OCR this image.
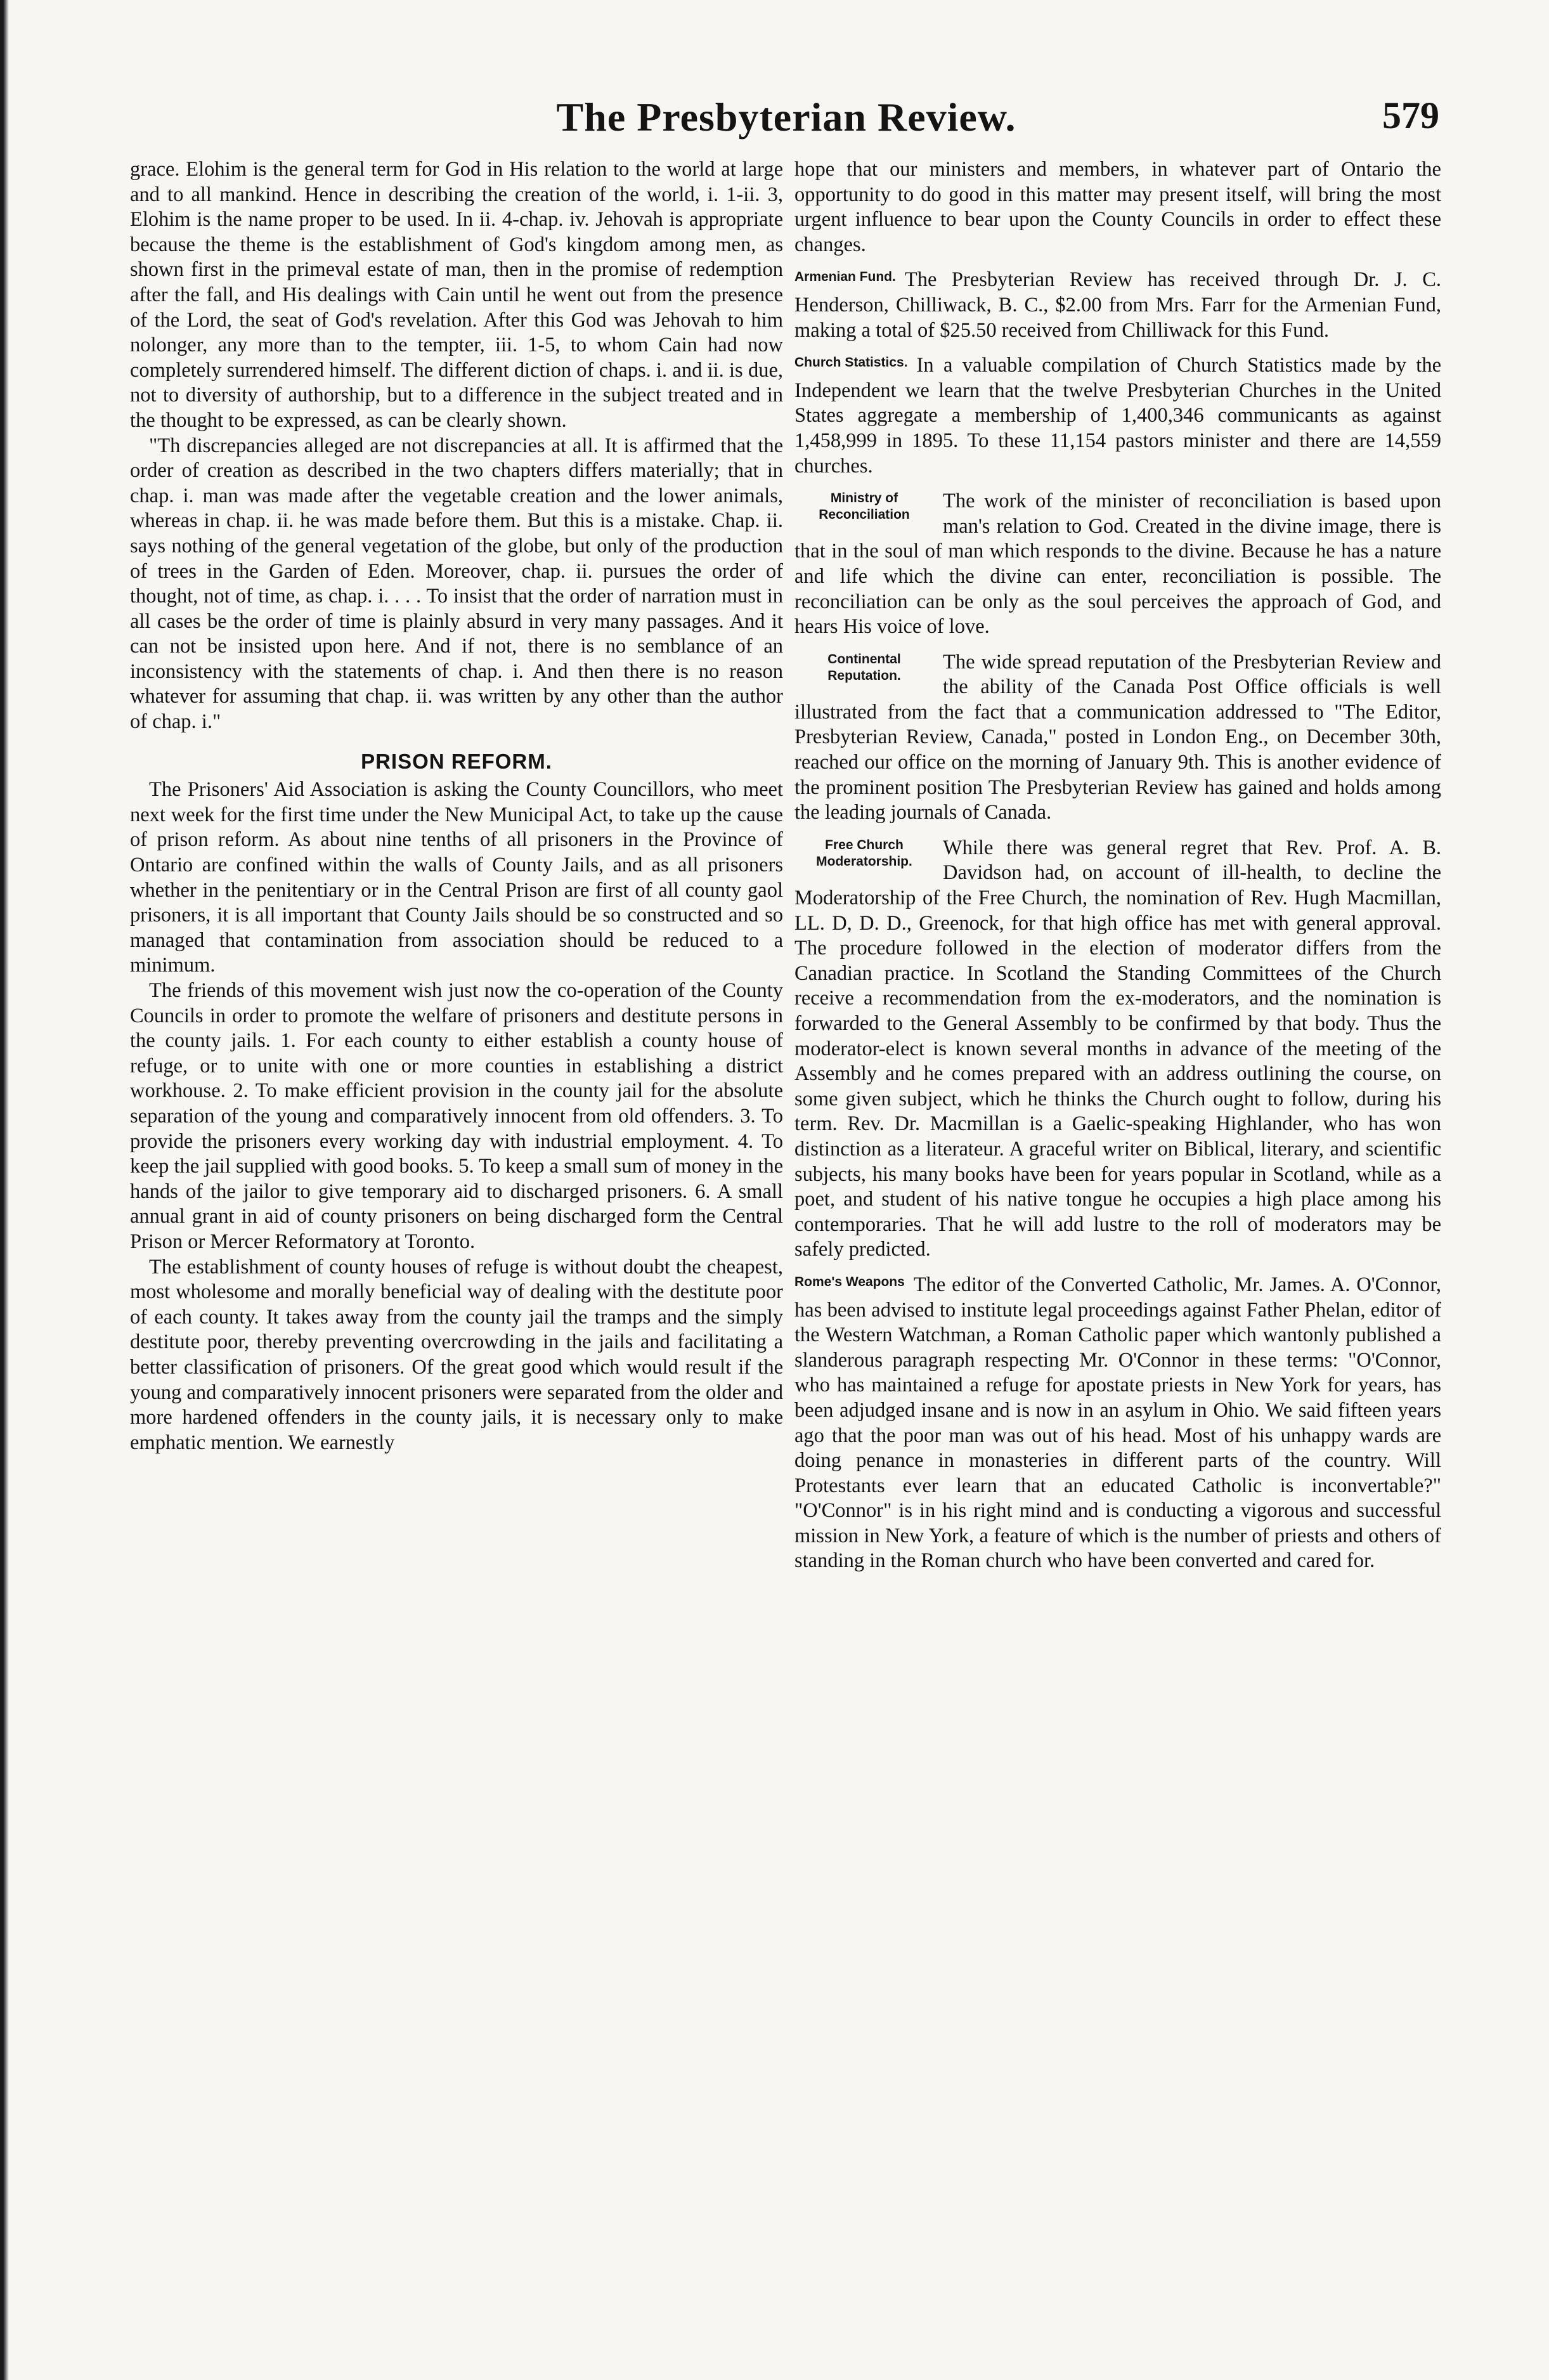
The Presbyterian Review.	579

grace. Elohim is the general term for God in His relation to the world at large and to all mankind. Hence in describing the creation of the world, i. 1-ii. 3, Elohim is the name proper to be used. In ii. 4-chap. iv. Jehovah is appropriate because the theme is the establishment of God's kingdom among men, as shown first in the primeval estate of man, then in the promise of redemption after the fall, and His dealings with Cain until he went out from the presence of the Lord, the seat of God's revelation. After this God was Jehovah to him nolonger, any more than to the tempter, iii. 1-5, to whom Cain had now completely surrendered himself. The different diction of chaps. i. and ii. is due, not to diversity of authorship, but to a difference in the subject treated and in the thought to be expressed, as can be clearly shown.

"Th discrepancies alleged are not discrepancies at all. It is affirmed that the order of creation as described in the two chapters differs materially; that in chap. i. man was made after the vegetable creation and the lower animals, whereas in chap. ii. he was made before them. But this is a mistake. Chap. ii. says nothing of the general vegetation of the globe, but only of the production of trees in the Garden of Eden. Moreover, chap. ii. pursues the order of thought, not of time, as chap. i. . . . To insist that the order of narration must in all cases be the order of time is plainly absurd in very many passages. And it can not be insisted upon here. And if not, there is no semblance of an inconsistency with the statements of chap. i. And then there is no reason whatever for assuming that chap. ii. was written by any other than the author of chap. i."

PRISON REFORM.

The Prisoners' Aid Association is asking the County Councillors, who meet next week for the first time under the New Municipal Act, to take up the cause of prison reform. As about nine tenths of all prisoners in the Province of Ontario are confined within the walls of County Jails, and as all prisoners whether in the penitentiary or in the Central Prison are first of all county gaol prisoners, it is all important that County Jails should be so constructed and so managed that contamination from association should be reduced to a minimum.

The friends of this movement wish just now the co-operation of the County Councils in order to promote the welfare of prisoners and destitute persons in the county jails. 1. For each county to either establish a county house of refuge, or to unite with one or more counties in establishing a district workhouse. 2. To make efficient provision in the county jail for the absolute separation of the young and comparatively innocent from old offenders. 3. To provide the prisoners every working day with industrial employment. 4. To keep the jail supplied with good books. 5. To keep a small sum of money in the hands of the jailor to give temporary aid to discharged prisoners. 6. A small annual grant in aid of county prisoners on being discharged form the Central Prison or Mercer Reformatory at Toronto.

The establishment of county houses of refuge is without doubt the cheapest, most wholesome and morally beneficial way of dealing with the destitute poor of each county. It takes away from the county jail the tramps and the simply destitute poor, thereby preventing overcrowding in the jails and facilitating a better classification of prisoners. Of the great good which would result if the young and comparatively innocent prisoners were separated from the older and more hardened offenders in the county jails, it is necessary only to make emphatic mention. We earnestly

hope that our ministers and members, in whatever part of Ontario the opportunity to do good in this matter may present itself, will bring the most urgent influence to bear upon the County Councils in order to effect these changes.

Armenian Fund. The Presbyterian Review has received through Dr. J. C. Henderson, Chilliwack, B. C., $2.00 from Mrs. Farr for the Armenian Fund, making a total of $25.50 received from Chilliwack for this Fund.

Church Statistics. In a valuable compilation of Church Statistics made by the Independent we learn that the twelve Presbyterian Churches in the United States aggregate a membership of 1,400,346 communicants as against 1,458,999 in 1895. To these 11,154 pastors minister and there are 14,559 churches.

Ministry of Reconciliation

The work of the minister of reconciliation is based upon man's relation to God. Created in the divine image, there is that in the soul of man which responds to the divine. Because he has a nature and life which the divine can enter, reconciliation is possible. The reconciliation can be only as the soul perceives the approach of God, and hears His voice of love.

Continental Reputation.

The wide spread reputation of the Presbyterian Review and the ability of the Canada Post Office officials is well illustrated from the fact that a communication addressed to "The Editor, Presbyterian Review, Canada," posted in London Eng., on December 30th, reached our office on the morning of January 9th. This is another evidence of the prominent position The Presbyterian Review has gained and holds among the leading journals of Canada.

Free Church Moderatorship.

While there was general regret that Rev. Prof. A. B. Davidson had, on account of ill-health, to decline the Moderatorship of the Free Church, the nomination of Rev. Hugh Macmillan, LL. D, D. D., Greenock, for that high office has met with general approval. The procedure followed in the election of moderator differs from the Canadian practice. In Scotland the Standing Committees of the Church receive a recommendation from the ex-moderators, and the nomination is forwarded to the General Assembly to be confirmed by that body. Thus the moderator-elect is known several months in advance of the meeting of the Assembly and he comes prepared with an address outlining the course, on some given subject, which he thinks the Church ought to follow, during his term. Rev. Dr. Macmillan is a Gaelic-speaking Highlander, who has won distinction as a literateur. A graceful writer on Biblical, literary, and scientific subjects, his many books have been for years popular in Scotland, while as a poet, and student of his native tongue he occupies a high place among his contemporaries. That he will add lustre to the roll of moderators may be safely predicted.

Rome's Weapons The editor of the Converted Catholic, Mr. James. A. O'Connor, has been advised to institute legal proceedings against Father Phelan, editor of the Western Watchman, a Roman Catholic paper which wantonly published a slanderous paragraph respecting Mr. O'Connor in these terms: "O'Connor, who has maintained a refuge for apostate priests in New York for years, has been adjudged insane and is now in an asylum in Ohio. We said fifteen years ago that the poor man was out of his head. Most of his unhappy wards are doing penance in monasteries in different parts of the country. Will Protestants ever learn that an educated Catholic is inconvertable?" "O'Connor" is in his right mind and is conducting a vigorous and successful mission in New York, a feature of which is the number of priests and others of standing in the Roman church who have been converted and cared for.
